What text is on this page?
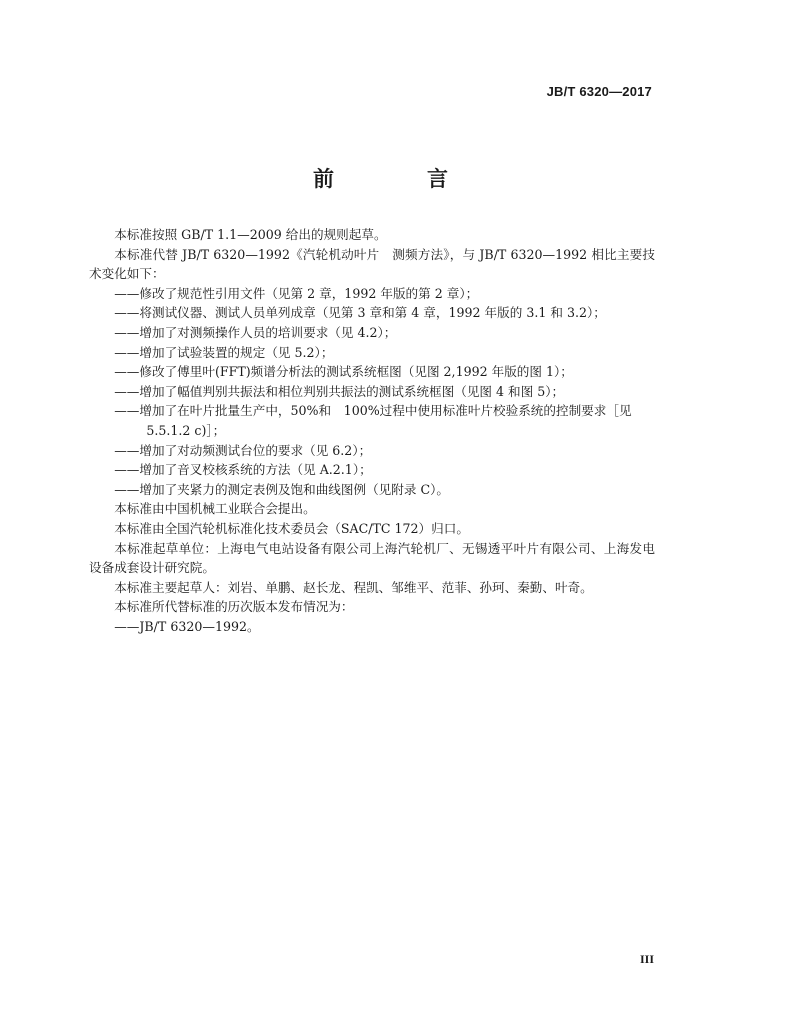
JB/T 6320—2017
前　言

本标准按照 GB/T 1.1—2009 给出的规则起草。

本标准代替 JB/T 6320—1992《汽轮机动叶片　测频方法》，与 JB/T 6320—1992 相比主要技术变化如下：

——修改了规范性引用文件（见第 2 章，1992 年版的第 2 章）；

——将测试仪器、测试人员单列成章（见第 3 章和第 4 章，1992 年版的 3.1 和 3.2）；

——增加了对测频操作人员的培训要求（见 4.2）；

——增加了试验装置的规定（见 5.2）；

——修改了傅里叶(FFT)频谱分析法的测试系统框图（见图 2,1992 年版的图 1）；

——增加了幅值判别共振法和相位判别共振法的测试系统框图（见图 4 和图 5）；

——增加了在叶片批量生产中，50%和　100%过程中使用标准叶片校验系统的控制要求［见

5.5.1.2 c)］；

——增加了对动频测试台位的要求（见 6.2）；

——增加了音叉校核系统的方法（见 A.2.1）；

——增加了夹紧力的测定表例及饱和曲线图例（见附录 C）。

本标准由中国机械工业联合会提出。

本标准由全国汽轮机标准化技术委员会（SAC/TC 172）归口。

本标准起草单位：上海电气电站设备有限公司上海汽轮机厂、无锡透平叶片有限公司、上海发电设备成套设计研究院。

本标准主要起草人：刘岩、单鹏、赵长龙、程凯、邹维平、范菲、孙珂、秦勤、叶奇。

本标准所代替标准的历次版本发布情况为：

——JB/T 6320—1992。

III
